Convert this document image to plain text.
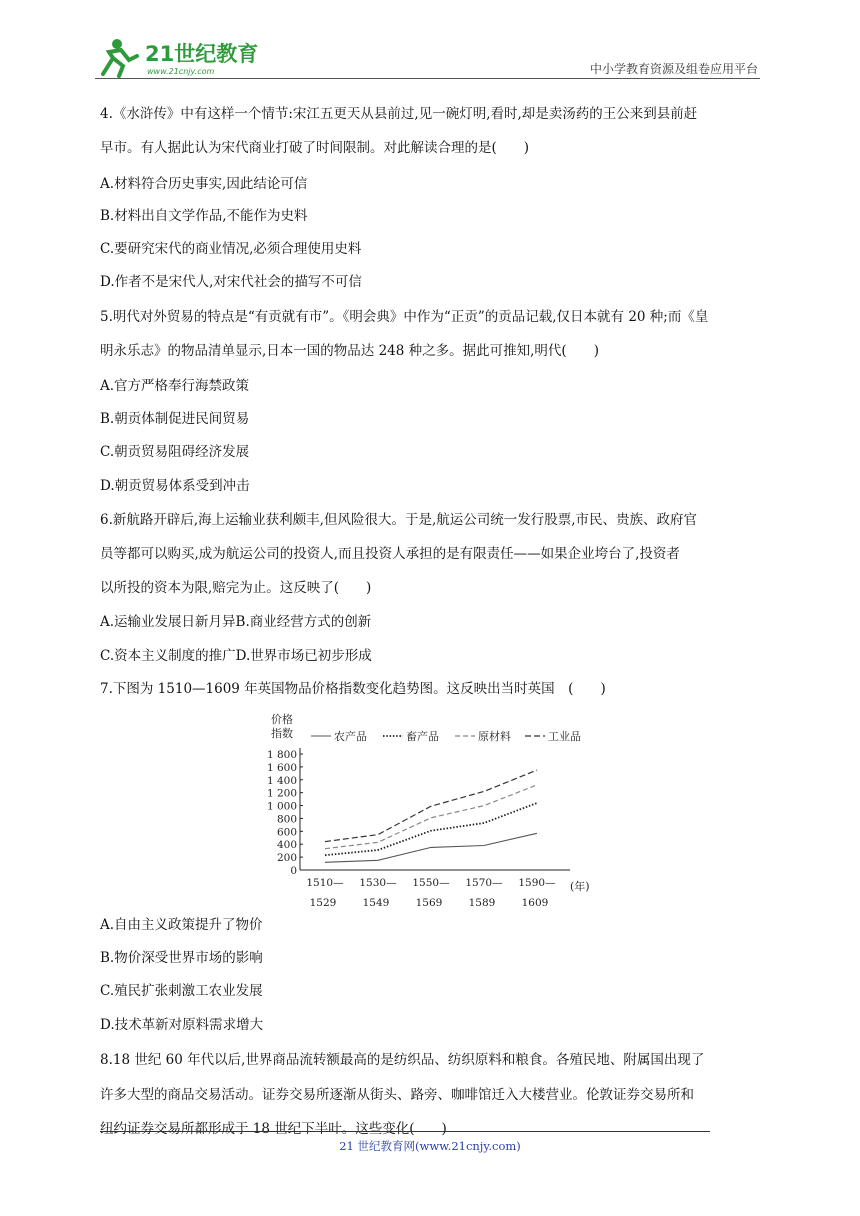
21世纪教育
www.21cnjy.com	中小学教育资源及组卷应用平台
4.《水浒传》中有这样一个情节:宋江五更天从县前过,见一碗灯明,看时,却是卖汤药的王公来到县前赶
早市。有人据此认为宋代商业打破了时间限制。对此解读合理的是(　　)
A.材料符合历史事实,因此结论可信
B.材料出自文学作品,不能作为史料
C.要研究宋代的商业情况,必须合理使用史料
D.作者不是宋代人,对宋代社会的描写不可信
5.明代对外贸易的特点是“有贡就有市”。《明会典》中作为“正贡”的贡品记载,仅日本就有 20 种;而《皇
明永乐志》的物品清单显示,日本一国的物品达 248 种之多。据此可推知,明代(　　)
A.官方严格奉行海禁政策
B.朝贡体制促进民间贸易
C.朝贡贸易阻碍经济发展
D.朝贡贸易体系受到冲击
6.新航路开辟后,海上运输业获利颇丰,但风险很大。于是,航运公司统一发行股票,市民、贵族、政府官
员等都可以购买,成为航运公司的投资人,而且投资人承担的是有限责任——如果企业垮台了,投资者
以所投的资本为限,赔完为止。这反映了(　　)
A.运输业发展日新月异B.商业经营方式的创新
C.资本主义制度的推广D.世界市场已初步形成
7.下图为 1510—1609 年英国物品价格指数变化趋势图。这反映出当时英国　(　　)
A.自由主义政策提升了物价
B.物价深受世界市场的影响
C.殖民扩张刺激工农业发展
D.技术革新对原料需求增大
8.18 世纪 60 年代以后,世界商品流转额最高的是纺织品、纺织原料和粮食。各殖民地、附属国出现了
许多大型的商品交易活动。证券交易所逐渐从街头、路旁、咖啡馆迁入大楼营业。伦敦证券交易所和
纽约证券交易所都形成于 18 世纪下半叶。这些变化(　　)
价格
指数
0
200
400
600
800
1 000
1 200
1 400
1 600
1 800
1510—
1529
1530—
1549
1550—
1569
1570—
1589
1590—
1609
(年)
农产品	畜产品	原材料	工业品
21 世纪教育网(www.21cnjy.com)
